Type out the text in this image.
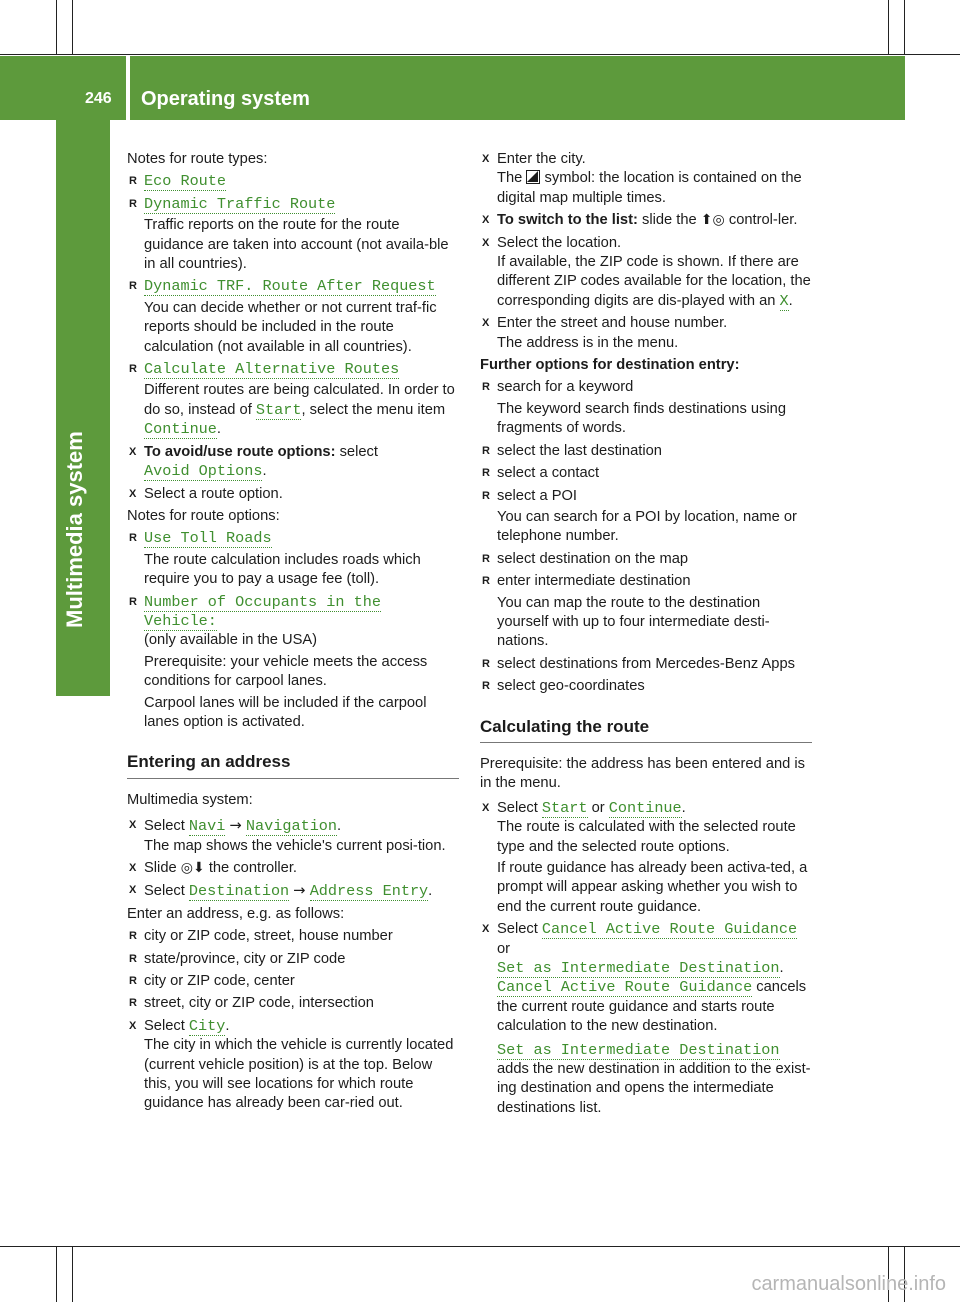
246 Operating system
Multimedia system

Notes for route types:

R Eco Route
R Dynamic Traffic Route
Traffic reports on the route for the route guidance are taken into account (not availa-ble in all countries).
R Dynamic TRF. Route After Request
You can decide whether or not current traf-fic reports should be included in the route calculation (not available in all countries).
R Calculate Alternative Routes
Different routes are being calculated. In order to do so, instead of Start, select the menu item Continue.
X To avoid/use route options: select
Avoid Options.
X Select a route option.

Notes for route options:

R Use Toll Roads
The route calculation includes roads which require you to pay a usage fee (toll).
R Number of Occupants in the Vehicle:
(only available in the USA)
Prerequisite: your vehicle meets the access conditions for carpool lanes.
Carpool lanes will be included if the carpool lanes option is activated.
Entering an address

Multimedia system:

X Select Navi → Navigation.
The map shows the vehicle's current posi-tion.
X Slide ◎⬇ the controller.
X Select Destination → Address Entry.

Enter an address, e.g. as follows:

R city or ZIP code, street, house number
R state/province, city or ZIP code
R city or ZIP code, center
R street, city or ZIP code, intersection
X Select City.
The city in which the vehicle is currently located (current vehicle position) is at the top. Below this, you will see locations for which route guidance has already been car-ried out.
X Enter the city.
The symbol: the location is contained on the digital map multiple times.
X To switch to the list: slide the ⬆◎ control-ler.
X Select the location.
If available, the ZIP code is shown. If there are different ZIP codes available for the location, the corresponding digits are dis-played with an X.
X Enter the street and house number.
The address is in the menu.

Further options for destination entry:

R search for a keyword
The keyword search finds destinations using fragments of words.
R select the last destination
R select a contact
R select a POI
You can search for a POI by location, name or telephone number.
R select destination on the map
R enter intermediate destination
You can map the route to the destination yourself with up to four intermediate desti-nations.
R select destinations from Mercedes-Benz Apps
R select geo-coordinates
Calculating the route

Prerequisite: the address has been entered and is in the menu.

X Select Start or Continue.
The route is calculated with the selected route type and the selected route options.
If route guidance has already been activa-ted, a prompt will appear asking whether you wish to end the current route guidance.
X Select Cancel Active Route Guidance or
Set as Intermediate Destination.
Cancel Active Route Guidance cancels the current route guidance and starts route calculation to the new destination.
Set as Intermediate Destination adds the new destination in addition to the exist-ing destination and opens the intermediate destinations list.
carmanualsonline.info
